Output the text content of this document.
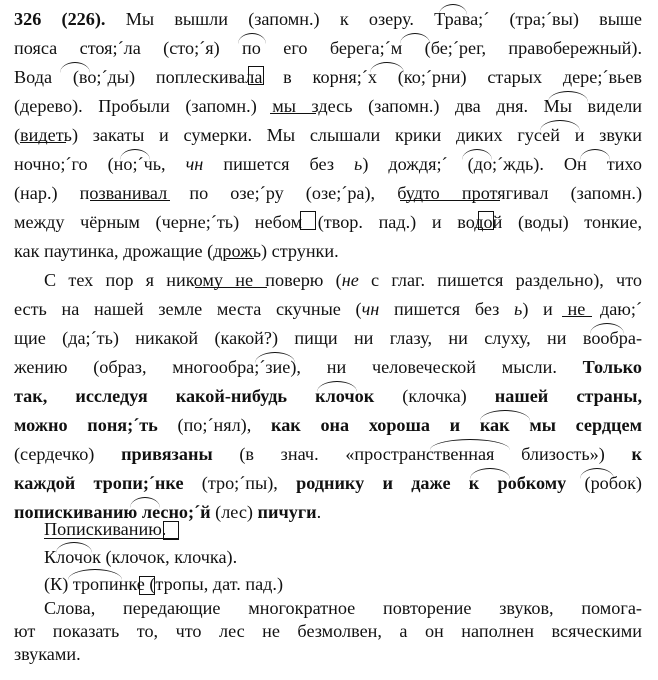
326 (226). Мы вышли (запомн.) к озеру. Трава;´ (тра;´вы) выше
пояса стоя;´ла (сто;´я) по его берега;´м (бе;´рег, правобережный).
Вода (во;´ды) поплескивала в корня;´х (ко;´рни) старых дере;´вьев
(дерево). Пробыли (запомн.) мы здесь (запомн.) два дня. Мы видели
(видеть) закаты и сумерки. Мы слышали крики диких гусей и звуки
ночно;´го (но;´чь, чн пишется без ь) дождя;´ (до;´ждь). Он тихо
(нар.) позванивал по озе;´ру (озе;´ра), будто протягивал (запомн.)
между чёрным (черне;´ть) небом (твор. пад.) и водой (воды) тонкие,
как паутинка, дрожащие (дрожь) струнки.
С тех пор я никому не поверю (не с глаг. пишется раздельно), что
есть на нашей земле места скучные (чн пишется без ь) и не даю;´
щие (да;´ть) никакой (какой?) пищи ни глазу, ни слуху, ни вообра-
жению (образ, многообра;´зие), ни человеческой мысли. Только
так, исследуя какой-нибудь клочок (клочка) нашей страны,
можно поня;´ть (по;´нял), как она хороша и как мы сердцем
(сердечко) привязаны (в знач. «пространственная близость») к
каждой тропи;´нке (тро;´пы), роднику и даже к робкому (робок)
попискиванию лесно;´й (лес) пичуги.
Попискиванию.
Клочок (клочок, клочка).
(К) тропинке (тропы, дат. пад.)
Слова, передающие многократное повторение звуков, помога-
ют показать то, что лес не безмолвен, а он наполнен всяческими
звуками.
